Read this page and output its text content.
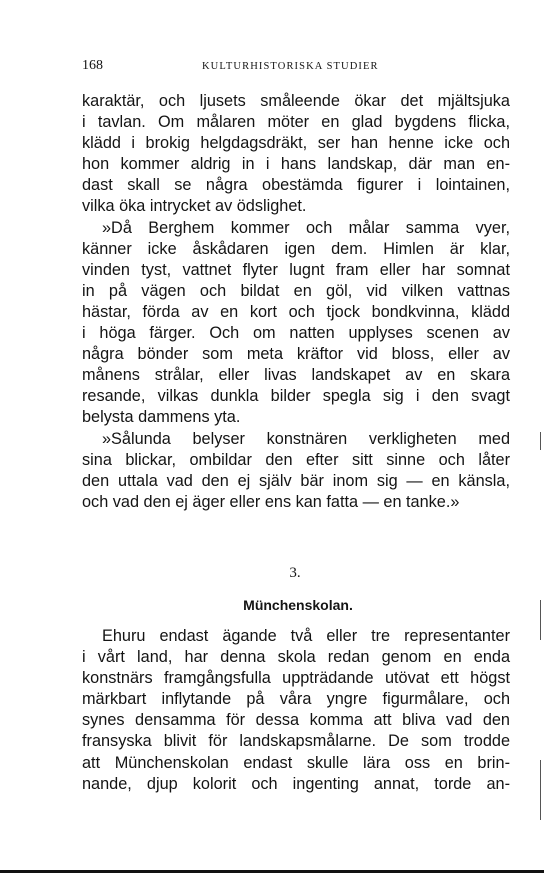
168	KULTURHISTORISKA STUDIER
karaktär, och ljusets småleende ökar det mjältsjuka
i tavlan. Om målaren möter en glad bygdens flicka,
klädd i brokig helgdagsdräkt, ser han henne icke och
hon kommer aldrig in i hans landskap, där man en-
dast skall se några obestämda figurer i lointainen,
vilka öka intrycket av ödslighet.
»Då Berghem kommer och målar samma vyer,
känner icke åskådaren igen dem. Himlen är klar,
vinden tyst, vattnet flyter lugnt fram eller har somnat
in på vägen och bildat en göl, vid vilken vattnas
hästar, förda av en kort och tjock bondkvinna, klädd
i höga färger. Och om natten upplyses scenen av
några bönder som meta kräftor vid bloss, eller av
månens strålar, eller livas landskapet av en skara
resande, vilkas dunkla bilder spegla sig i den svagt
belysta dammens yta.
»Sålunda belyser konstnären verkligheten med
sina blickar, ombildar den efter sitt sinne och låter
den uttala vad den ej själv bär inom sig — en känsla,
och vad den ej äger eller ens kan fatta — en tanke.»
3.
Münchenskolan.
Ehuru endast ägande två eller tre representanter
i vårt land, har denna skola redan genom en enda
konstnärs framgångsfulla uppträdande utövat ett högst
märkbart inflytande på våra yngre figurmålare, och
synes densamma för dessa komma att bliva vad den
fransyska blivit för landskapsmålarne. De som trodde
att Münchenskolan endast skulle lära oss en brin-
nande, djup kolorit och ingenting annat, torde an-
